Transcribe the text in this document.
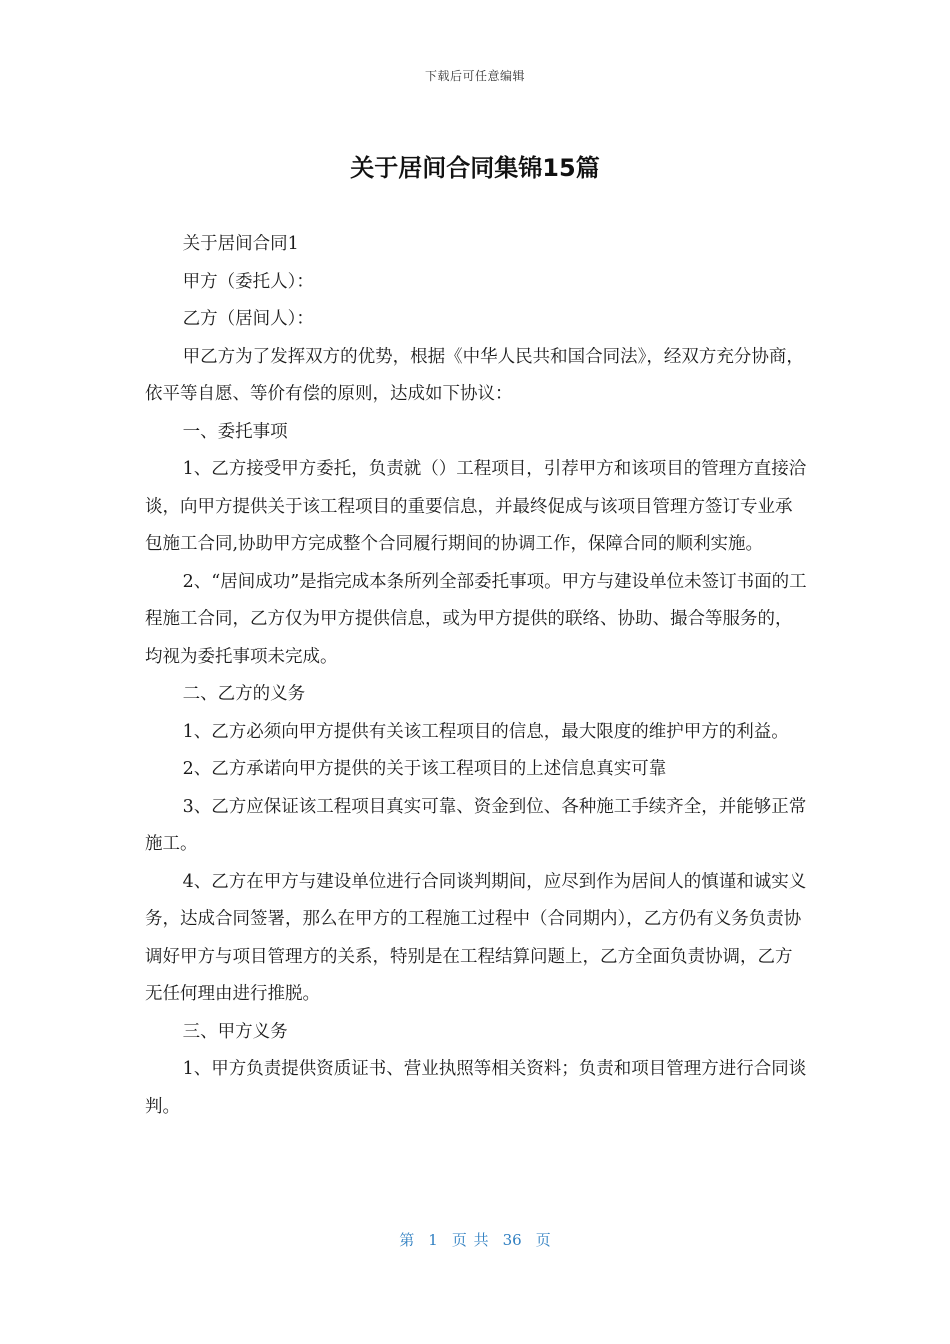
下载后可任意编辑
关于居间合同集锦15篇

关于居间合同1

甲方（委托人）：

乙方（居间人）：

甲乙方为了发挥双方的优势，根据《中华人民共和国合同法》，经双方充分协商，依平等自愿、等价有偿的原则，达成如下协议：

一、委托事项

1、乙方接受甲方委托，负责就（）工程项目，引荐甲方和该项目的管理方直接洽谈，向甲方提供关于该工程项目的重要信息，并最终促成与该项目管理方签订专业承包施工合同,协助甲方完成整个合同履行期间的协调工作，保障合同的顺利实施。

2、“居间成功”是指完成本条所列全部委托事项。甲方与建设单位未签订书面的工程施工合同，乙方仅为甲方提供信息，或为甲方提供的联络、协助、撮合等服务的，均视为委托事项未完成。

二、乙方的义务

1、乙方必须向甲方提供有关该工程项目的信息，最大限度的维护甲方的利益。

2、乙方承诺向甲方提供的关于该工程项目的上述信息真实可靠

3、乙方应保证该工程项目真实可靠、资金到位、各种施工手续齐全，并能够正常施工。

4、乙方在甲方与建设单位进行合同谈判期间，应尽到作为居间人的慎谨和诚实义务，达成合同签署，那么在甲方的工程施工过程中（合同期内），乙方仍有义务负责协调好甲方与项目管理方的关系，特别是在工程结算问题上，乙方全面负责协调，乙方无任何理由进行推脱。

三、甲方义务

1、甲方负责提供资质证书、营业执照等相关资料；负责和项目管理方进行合同谈判。

第 1 页 共 36 页
